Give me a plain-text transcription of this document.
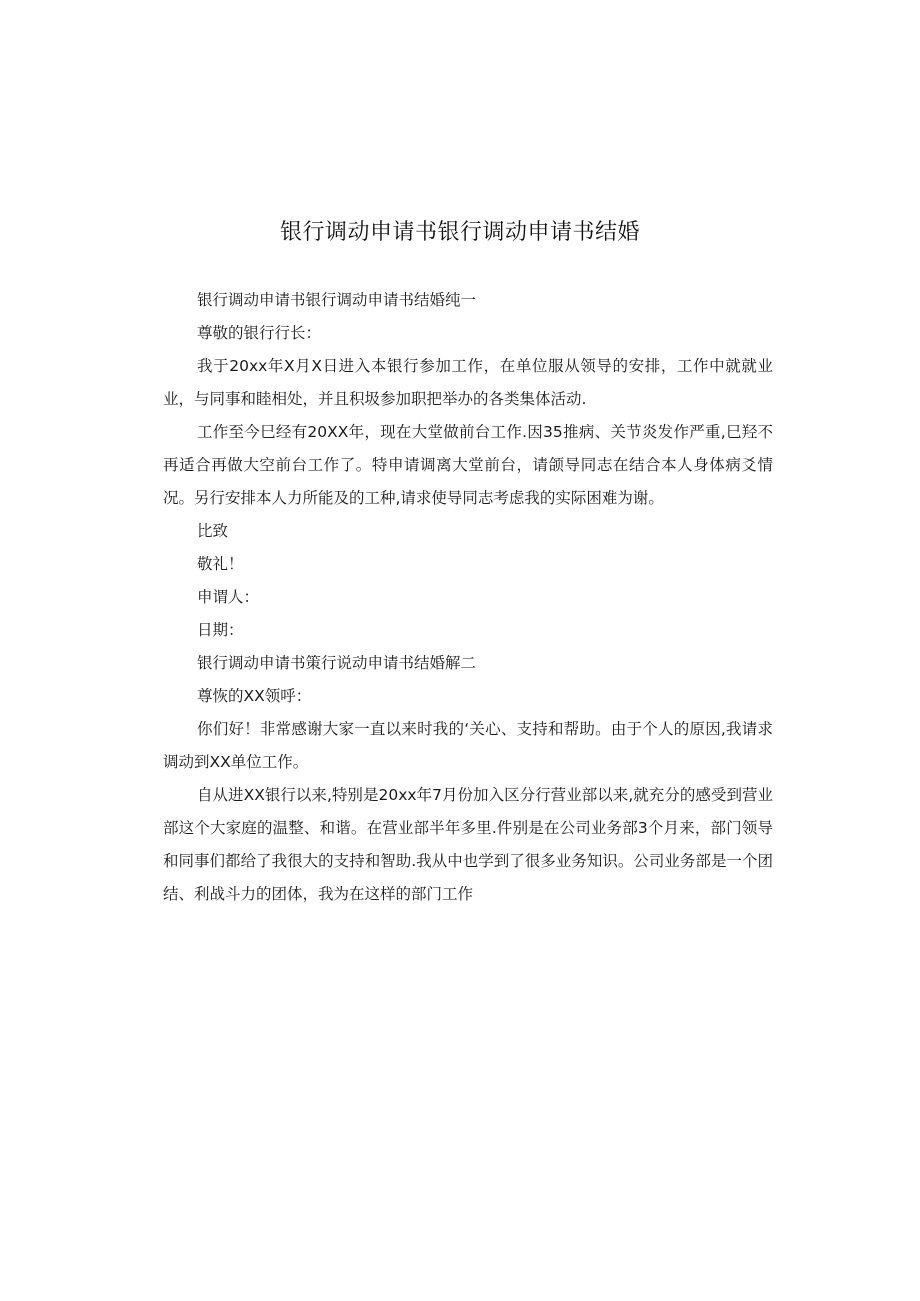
银行调动申请书银行调动申请书结婚

银行调动申请书银行调动申请书结婚纯一

尊敬的银行行长：

我于20xx年X月X日进入本银行参加工作，在单位服从领导的安排，工作中就就业业，与同事和睦相处，并且积圾参加职把举办的各类集体活动.

工作至今巳经有20XX年，现在大堂做前台工作.因35推病、关节炎发作严重,巳羟不再适合再做大空前台工作了。特申请调离大堂前台，请颌导同志在结合本人身体病爻情况。另行安排本人力所能及的工种,请求使导同志考虑我的实际困难为谢。

比致

敬礼！

申谓人：

日期：

银行调动申请书策行说动申请书结婚解二

尊恢的XX领呼：

你们好！非常感谢大家一直以来时我的‘关心、支持和帮助。由于个人的原因,我请求调动到XX单位工作。

自从进XX银行以来,特别是20xx年7月份加入区分行营业部以来,就充分的感受到营业部这个大家庭的温整、和谐。在营业部半年多里.件别是在公司业务部3个月来，部门领导和同事们都给了我很大的支持和智助.我从中也学到了很多业务知识。公司业务部是一个团结、利战斗力的团体，我为在这样的部门工作
